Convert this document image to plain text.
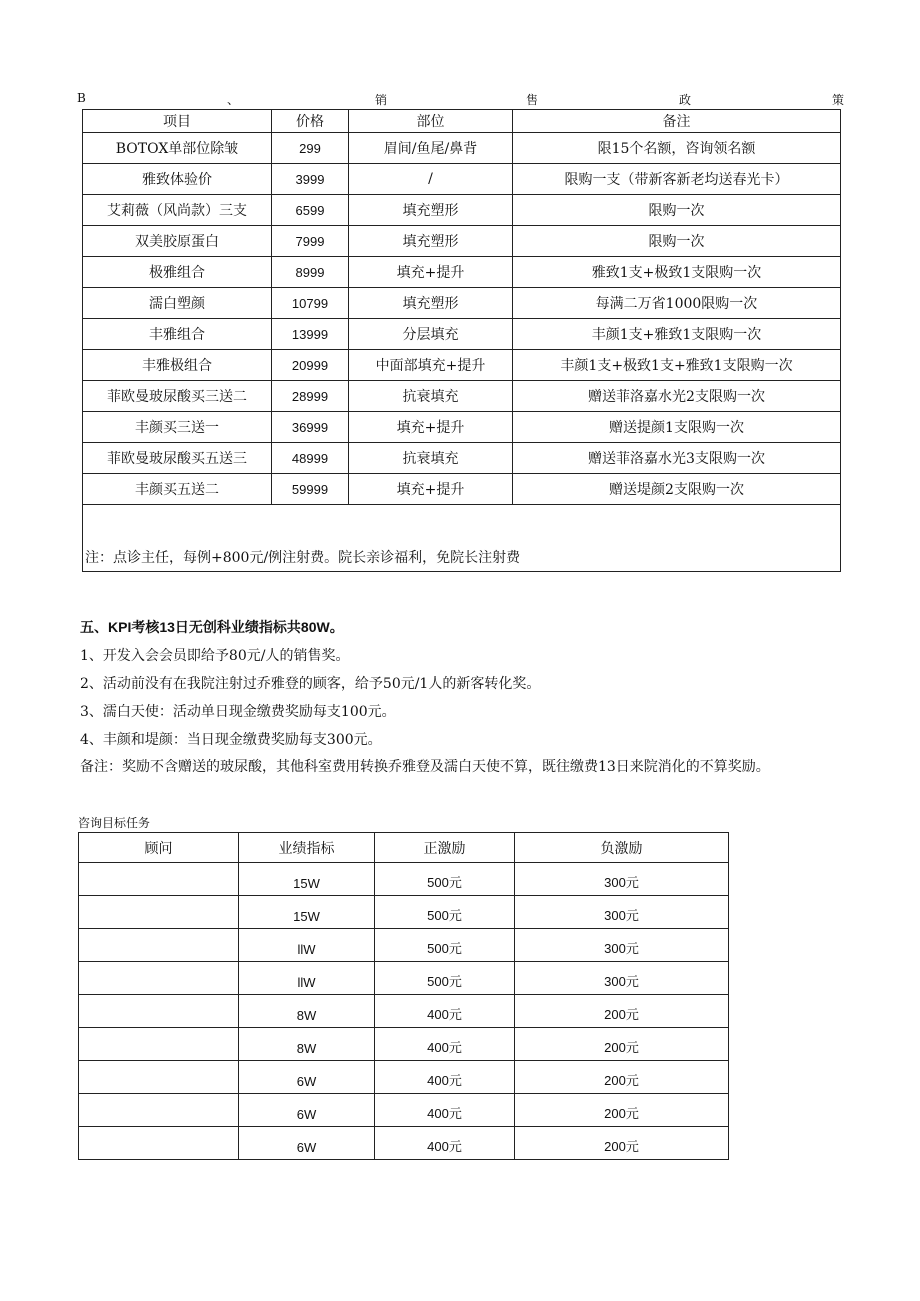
B	、	销	售	政	策
项目	价格	部位	备注
BOTOX单部位除皱	299	眉间/鱼尾/鼻背	限15个名额，咨询领名额
雅致体验价	3999	/	限购一支（带新客新老均送春光卡）
艾莉薇（风尚款）三支	6599	填充塑形	限购一次
双美胶原蛋白	7999	填充塑形	限购一次
极雅组合	8999	填充+提升	雅致1支+极致1支限购一次
濡白塑颜	10799	填充塑形	每满二万省1000限购一次
丰雅组合	13999	分层填充	丰颜1支+雅致1支限购一次
丰雅极组合	20999	中面部填充+提升	丰颜1支+极致1支+雅致1支限购一次
菲欧曼玻尿酸买三送二	28999	抗衰填充	赠送菲洛嘉水光2支限购一次
丰颜买三送一	36999	填充+提升	赠送提颜1支限购一次
菲欧曼玻尿酸买五送三	48999	抗衰填充	赠送菲洛嘉水光3支限购一次
丰颜买五送二	59999	填充+提升	赠送堤颜2支限购一次
注：点诊主任，每例+800元/例注射费。院长亲诊福利，免院长注射费			
五、KPI考核13日无创科业绩指标共80W。
1、开发入会会员即给予80元/人的销售奖。
2、活动前没有在我院注射过乔雅登的顾客，给予50元/1人的新客转化奖。
3、濡白天使：活动单日现金缴费奖励每支100元。
4、丰颜和堤颜：当日现金缴费奖励每支300元。
备注：奖励不含赠送的玻尿酸，其他科室费用转换乔雅登及濡白天使不算，既往缴费13日来院消化的不算奖励。
咨询目标任务
顾问	业绩指标	正激励	负激励
	15W	500元	300元
	15W	500元	300元
	llW	500元	300元
	llW	500元	300元
	8W	400元	200元
	8W	400元	200元
	6W	400元	200元
	6W	400元	200元
	6W	400元	200元
